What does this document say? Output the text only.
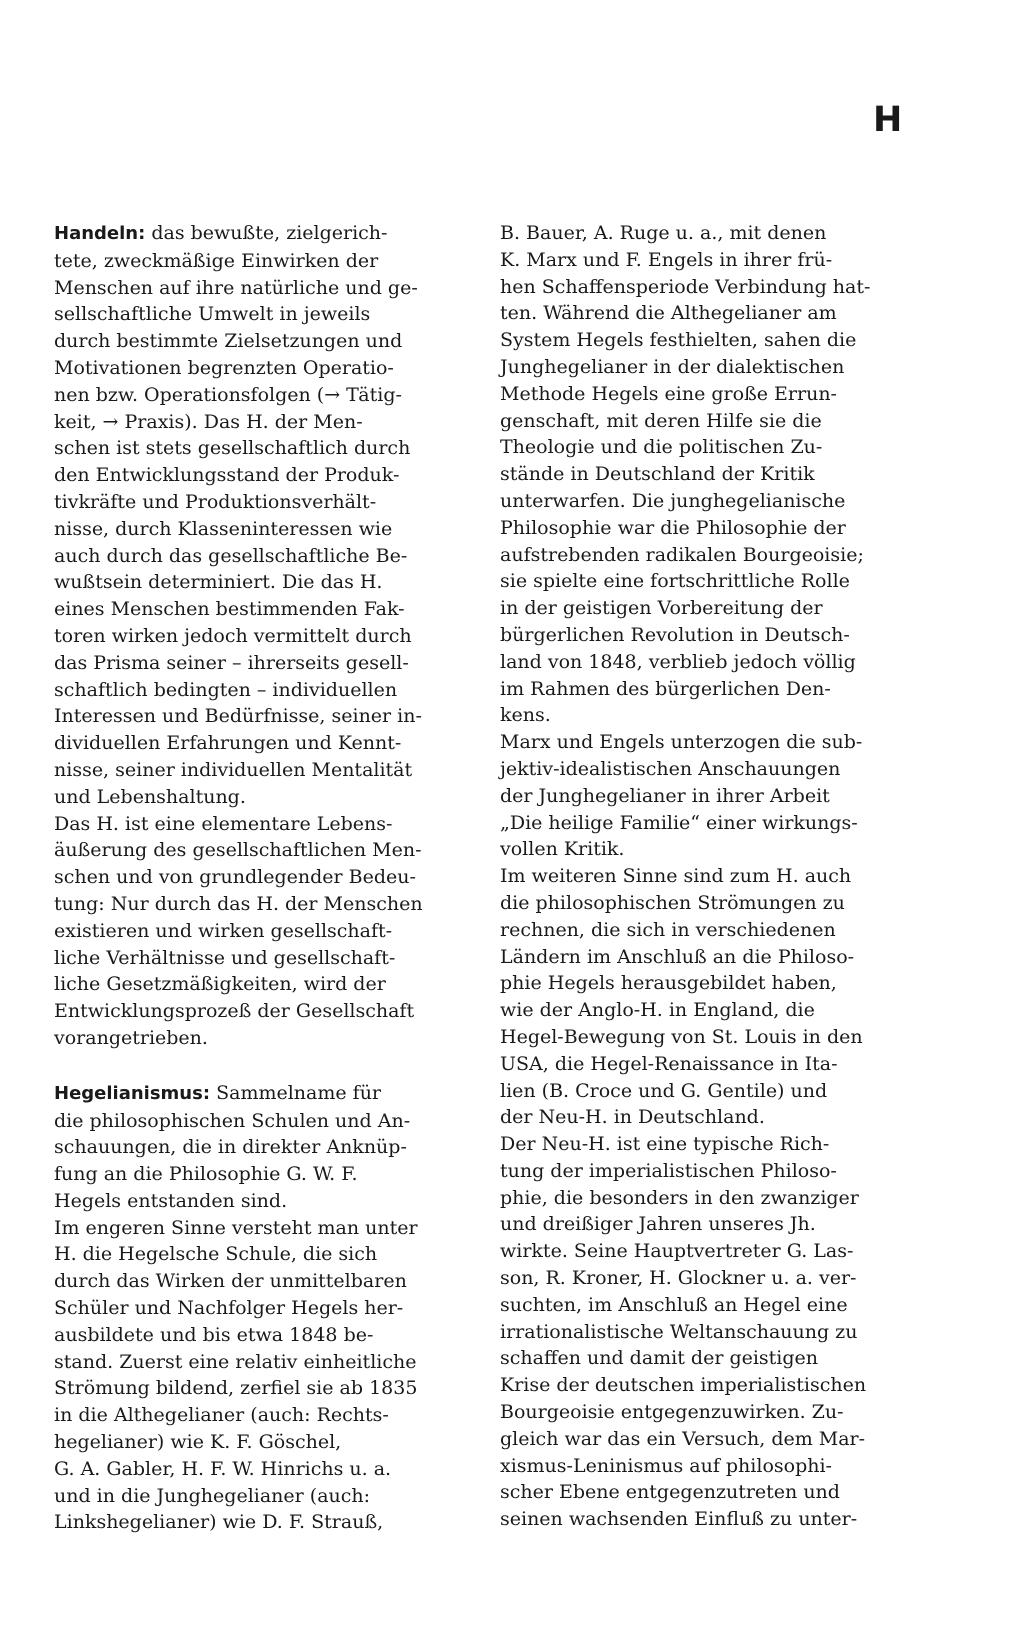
H

Handeln: das bewußte, zielgerich-

tete, zweckmäßige Einwirken der

Menschen auf ihre natürliche und ge-

sellschaftliche Umwelt in jeweils

durch bestimmte Zielsetzungen und

Motivationen begrenzten Operatio-

nen bzw. Operationsfolgen (→ Tätig-

keit, → Praxis). Das H. der Men-

schen ist stets gesellschaftlich durch

den Entwicklungsstand der Produk-

tivkräfte und Produktionsverhält-

nisse, durch Klasseninteressen wie

auch durch das gesellschaftliche Be-

wußtsein determiniert. Die das H.

eines Menschen bestimmenden Fak-

toren wirken jedoch vermittelt durch

das Prisma seiner – ihrerseits gesell-

schaftlich bedingten – individuellen

Interessen und Bedürfnisse, seiner in-

dividuellen Erfahrungen und Kennt-

nisse, seiner individuellen Mentalität

und Lebenshaltung.

Das H. ist eine elementare Lebens-

äußerung des gesellschaftlichen Men-

schen und von grundlegender Bedeu-

tung: Nur durch das H. der Menschen

existieren und wirken gesellschaft-

liche Verhältnisse und gesellschaft-

liche Gesetzmäßigkeiten, wird der

Entwicklungsprozeß der Gesellschaft

vorangetrieben.

Hegelianismus: Sammelname für

die philosophischen Schulen und An-

schauungen, die in direkter Anknüp-

fung an die Philosophie G. W. F.

Hegels entstanden sind.

Im engeren Sinne versteht man unter

H. die Hegelsche Schule, die sich

durch das Wirken der unmittelbaren

Schüler und Nachfolger Hegels her-

ausbildete und bis etwa 1848 be-

stand. Zuerst eine relativ einheitliche

Strömung bildend, zerfiel sie ab 1835

in die Althegelianer (auch: Rechts-

hegelianer) wie K. F. Göschel,

G. A. Gabler, H. F. W. Hinrichs u. a.

und in die Junghegelianer (auch:

Linkshegelianer) wie D. F. Strauß,

B. Bauer, A. Ruge u. a., mit denen

K. Marx und F. Engels in ihrer frü-

hen Schaffensperiode Verbindung hat-

ten. Während die Althegelianer am

System Hegels festhielten, sahen die

Junghegelianer in der dialektischen

Methode Hegels eine große Errun-

genschaft, mit deren Hilfe sie die

Theologie und die politischen Zu-

stände in Deutschland der Kritik

unterwarfen. Die junghegelianische

Philosophie war die Philosophie der

aufstrebenden radikalen Bourgeoisie;

sie spielte eine fortschrittliche Rolle

in der geistigen Vorbereitung der

bürgerlichen Revolution in Deutsch-

land von 1848, verblieb jedoch völlig

im Rahmen des bürgerlichen Den-

kens.

Marx und Engels unterzogen die sub-

jektiv-idealistischen Anschauungen

der Junghegelianer in ihrer Arbeit

„Die heilige Familie“ einer wirkungs-

vollen Kritik.

Im weiteren Sinne sind zum H. auch

die philosophischen Strömungen zu

rechnen, die sich in verschiedenen

Ländern im Anschluß an die Philoso-

phie Hegels herausgebildet haben,

wie der Anglo-H. in England, die

Hegel-Bewegung von St. Louis in den

USA, die Hegel-Renaissance in Ita-

lien (B. Croce und G. Gentile) und

der Neu-H. in Deutschland.

Der Neu-H. ist eine typische Rich-

tung der imperialistischen Philoso-

phie, die besonders in den zwanziger

und dreißiger Jahren unseres Jh.

wirkte. Seine Hauptvertreter G. Las-

son, R. Kroner, H. Glockner u. a. ver-

suchten, im Anschluß an Hegel eine

irrationalistische Weltanschauung zu

schaffen und damit der geistigen

Krise der deutschen imperialistischen

Bourgeoisie entgegenzuwirken. Zu-

gleich war das ein Versuch, dem Mar-

xismus-Leninismus auf philosophi-

scher Ebene entgegenzutreten und

seinen wachsenden Einfluß zu unter-
